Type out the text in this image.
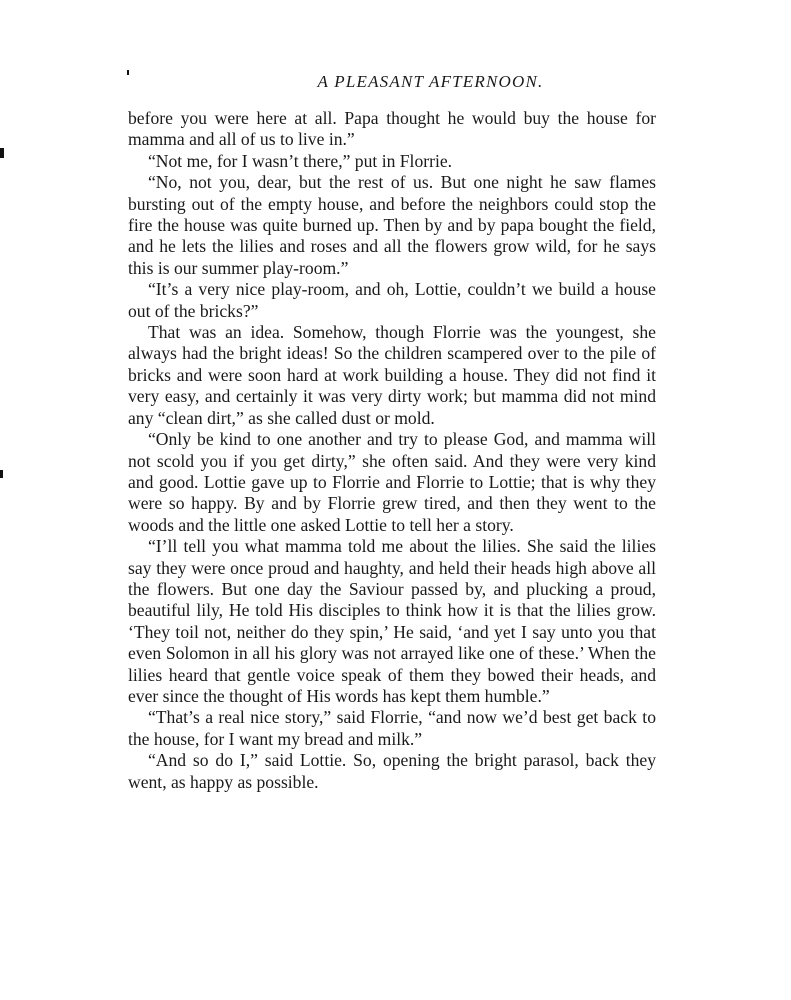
A PLEASANT AFTERNOON.

before you were here at all. Papa thought he would buy the house for mamma and all of us to live in.”

“Not me, for I wasn’t there,” put in Florrie.

“No, not you, dear, but the rest of us. But one night he saw flames bursting out of the empty house, and before the neighbors could stop the fire the house was quite burned up. Then by and by papa bought the field, and he lets the lilies and roses and all the flowers grow wild, for he says this is our summer play-room.”

“It’s a very nice play-room, and oh, Lottie, couldn’t we build a house out of the bricks?”

That was an idea. Somehow, though Florrie was the youngest, she always had the bright ideas! So the children scampered over to the pile of bricks and were soon hard at work building a house. They did not find it very easy, and certainly it was very dirty work; but mamma did not mind any “clean dirt,” as she called dust or mold.

“Only be kind to one another and try to please God, and mamma will not scold you if you get dirty,” she often said. And they were very kind and good. Lottie gave up to Florrie and Florrie to Lottie; that is why they were so happy. By and by Florrie grew tired, and then they went to the woods and the little one asked Lottie to tell her a story.

“I’ll tell you what mamma told me about the lilies. She said the lilies say they were once proud and haughty, and held their heads high above all the flowers. But one day the Saviour passed by, and plucking a proud, beautiful lily, He told His disciples to think how it is that the lilies grow. ‘They toil not, neither do they spin,’ He said, ‘and yet I say unto you that even Solomon in all his glory was not arrayed like one of these.’ When the lilies heard that gentle voice speak of them they bowed their heads, and ever since the thought of His words has kept them humble.”

“That’s a real nice story,” said Florrie, “and now we’d best get back to the house, for I want my bread and milk.”

“And so do I,” said Lottie. So, opening the bright parasol, back they went, as happy as possible.
